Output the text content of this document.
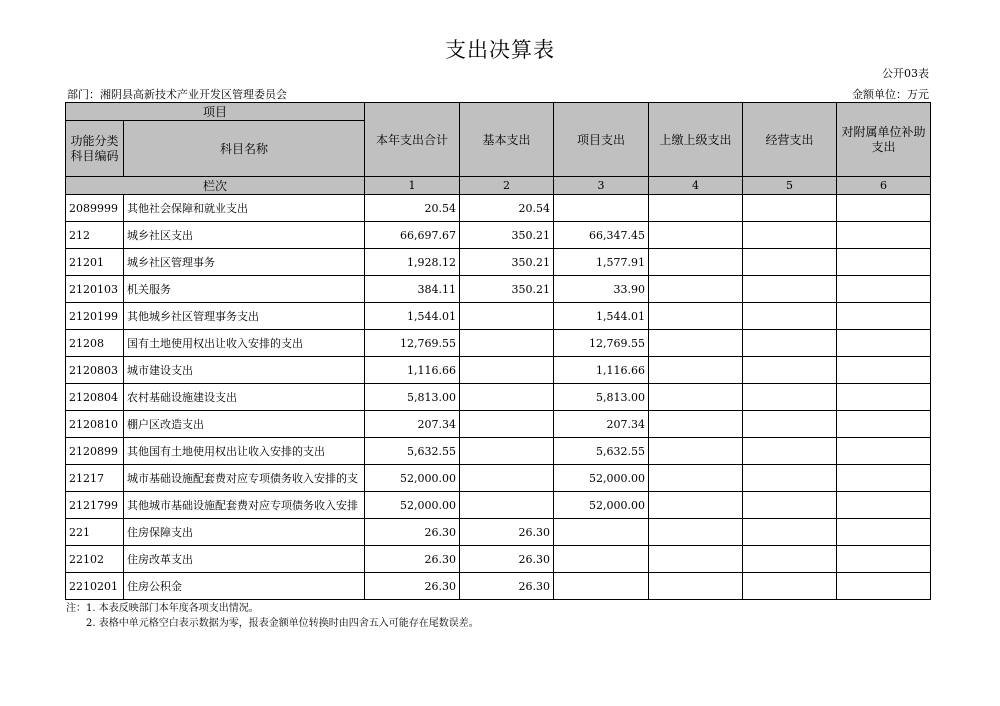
支出决算表
公开03表
部门：湘阴县高新技术产业开发区管理委员会	金额单位：万元
项目		本年支出合计	基本支出	项目支出	上缴上级支出	经营支出	对附属单位补助支出
功能分类科目编码	科目名称						
栏次		1	2	3	4	5	6
2089999	其他社会保障和就业支出	20.54	20.54				
212	城乡社区支出	66,697.67	350.21	66,347.45			
21201	城乡社区管理事务	1,928.12	350.21	1,577.91			
2120103	机关服务	384.11	350.21	33.90			
2120199	其他城乡社区管理事务支出	1,544.01		1,544.01			
21208	国有土地使用权出让收入安排的支出	12,769.55		12,769.55			
2120803	城市建设支出	1,116.66		1,116.66			
2120804	农村基础设施建设支出	5,813.00		5,813.00			
2120810	棚户区改造支出	207.34		207.34			
2120899	其他国有土地使用权出让收入安排的支出	5,632.55		5,632.55			
21217	城市基础设施配套费对应专项债务收入安排的支	52,000.00		52,000.00			
2121799	其他城市基础设施配套费对应专项债务收入安排	52,000.00		52,000.00			
221	住房保障支出	26.30	26.30				
22102	住房改革支出	26.30	26.30				
2210201	住房公积金	26.30	26.30				
注：1. 本表反映部门本年度各项支出情况。
2. 表格中单元格空白表示数据为零，报表金额单位转换时由四舍五入可能存在尾数误差。
